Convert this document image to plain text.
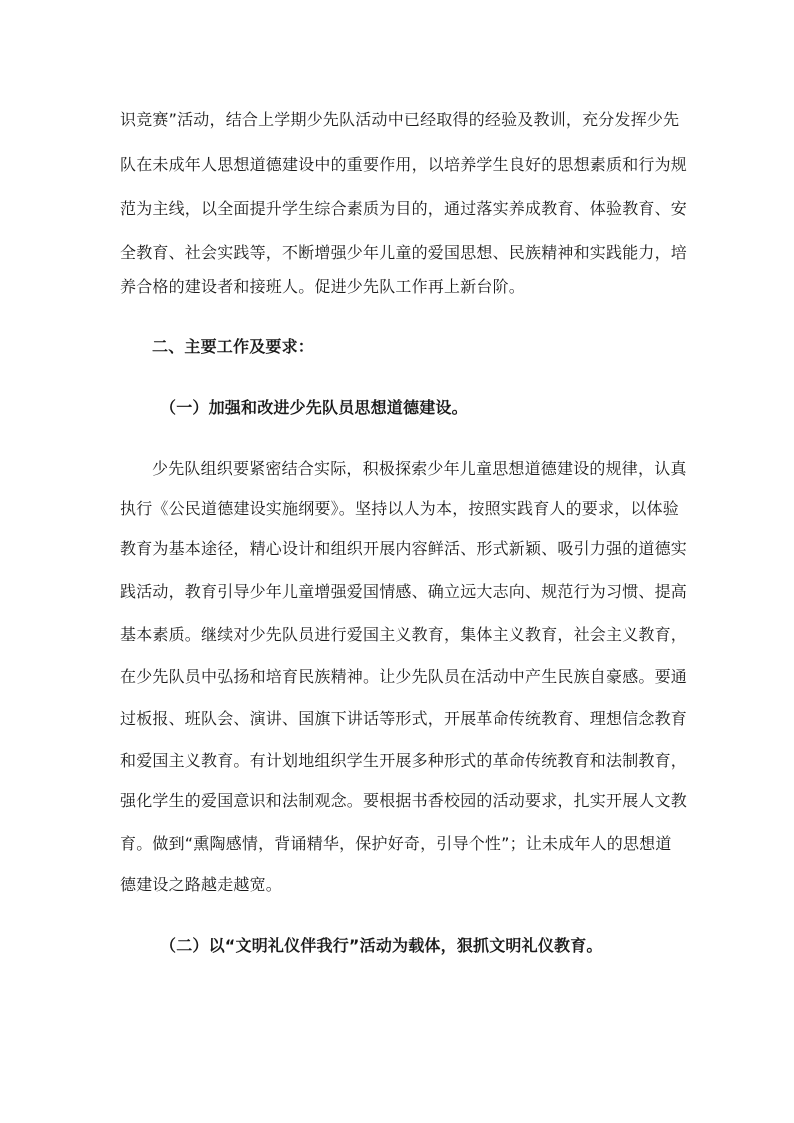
识竞赛”活动，结合上学期少先队活动中已经取得的经验及教训，充分发挥少先
队在未成年人思想道德建设中的重要作用，以培养学生良好的思想素质和行为规
范为主线，以全面提升学生综合素质为目的，通过落实养成教育、体验教育、安
全教育、社会实践等，不断增强少年儿童的爱国思想、民族精神和实践能力，培
养合格的建设者和接班人。促进少先队工作再上新台阶。
二、主要工作及要求：
（一）加强和改进少先队员思想道德建设。
少先队组织要紧密结合实际，积极探索少年儿童思想道德建设的规律，认真
执行《公民道德建设实施纲要》。坚持以人为本，按照实践育人的要求，以体验
教育为基本途径，精心设计和组织开展内容鲜活、形式新颖、吸引力强的道德实
践活动，教育引导少年儿童增强爱国情感、确立远大志向、规范行为习惯、提高
基本素质。继续对少先队员进行爱国主义教育，集体主义教育，社会主义教育，
在少先队员中弘扬和培育民族精神。让少先队员在活动中产生民族自豪感。要通
过板报、班队会、演讲、国旗下讲话等形式，开展革命传统教育、理想信念教育
和爱国主义教育。有计划地组织学生开展多种形式的革命传统教育和法制教育，
强化学生的爱国意识和法制观念。要根据书香校园的活动要求，扎实开展人文教
育。做到“熏陶感情，背诵精华，保护好奇，引导个性”；让未成年人的思想道
德建设之路越走越宽。
（二）以“文明礼仪伴我行”活动为载体，狠抓文明礼仪教育。
